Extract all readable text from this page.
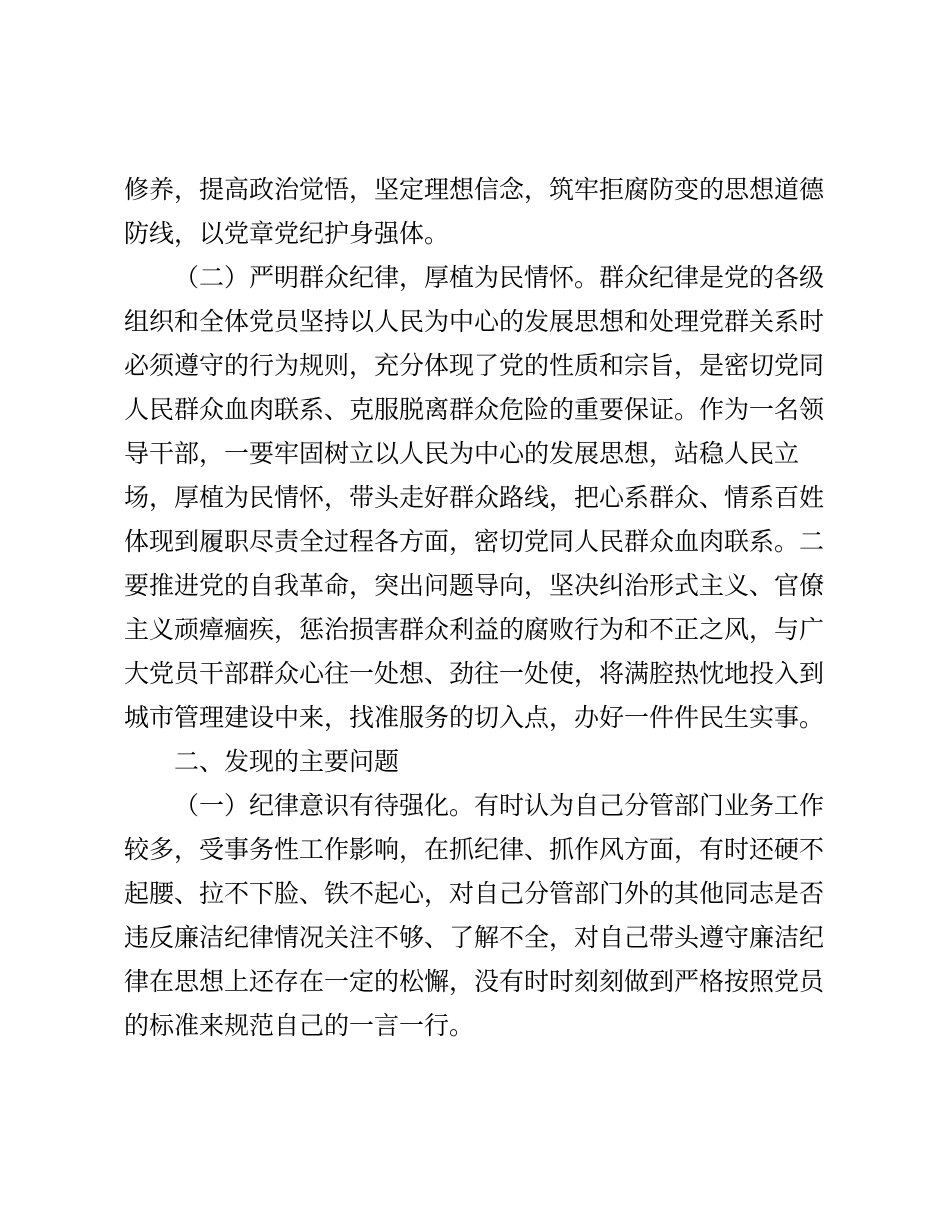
修养，提高政治觉悟，坚定理想信念，筑牢拒腐防变的思想道德
防线，以党章党纪护身强体。
（二）严明群众纪律，厚植为民情怀。群众纪律是党的各级
组织和全体党员坚持以人民为中心的发展思想和处理党群关系时
必须遵守的行为规则，充分体现了党的性质和宗旨，是密切党同
人民群众血肉联系、克服脱离群众危险的重要保证。作为一名领
导干部，一要牢固树立以人民为中心的发展思想，站稳人民立
场，厚植为民情怀，带头走好群众路线，把心系群众、情系百姓
体现到履职尽责全过程各方面，密切党同人民群众血肉联系。二
要推进党的自我革命，突出问题导向，坚决纠治形式主义、官僚
主义顽瘴痼疾，惩治损害群众利益的腐败行为和不正之风，与广
大党员干部群众心往一处想、劲往一处使，将满腔热忱地投入到
城市管理建设中来，找准服务的切入点，办好一件件民生实事。
二、发现的主要问题
（一）纪律意识有待强化。有时认为自己分管部门业务工作
较多，受事务性工作影响，在抓纪律、抓作风方面，有时还硬不
起腰、拉不下脸、铁不起心，对自己分管部门外的其他同志是否
违反廉洁纪律情况关注不够、了解不全，对自己带头遵守廉洁纪
律在思想上还存在一定的松懈，没有时时刻刻做到严格按照党员
的标准来规范自己的一言一行。
